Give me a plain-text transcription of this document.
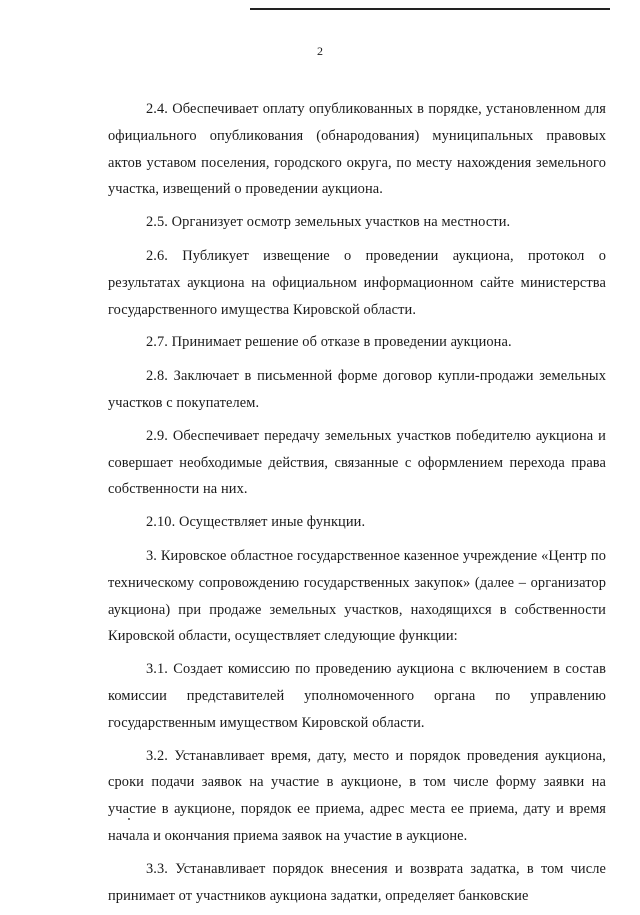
2

2.4. Обеспечивает оплату опубликованных в порядке, установленном для официального опубликования (обнародования) муниципальных правовых актов уставом поселения, городского округа, по месту нахождения земельного участка, извещений о проведении аукциона.

2.5. Организует осмотр земельных участков на местности.

2.6. Публикует извещение о проведении аукциона, протокол о результатах аукциона на официальном информационном сайте министерства государственного имущества Кировской области.

2.7. Принимает решение об отказе в проведении аукциона.

2.8. Заключает в письменной форме договор купли-продажи земельных участков с покупателем.

2.9. Обеспечивает передачу земельных участков победителю аукциона и совершает необходимые действия, связанные с оформлением перехода права собственности на них.

2.10. Осуществляет иные функции.

3. Кировское областное государственное казенное учреждение «Центр по техническому сопровождению государственных закупок» (далее – организатор аукциона) при продаже земельных участков, находящихся в собственности Кировской области, осуществляет следующие функции:

3.1. Создает комиссию по проведению аукциона с включением в состав комиссии представителей уполномоченного органа по управлению государственным имуществом Кировской области.

3.2. Устанавливает время, дату, место и порядок проведения аукциона, сроки подачи заявок на участие в аукционе, в том числе форму заявки на участие в аукционе, порядок ее приема, адрес места ее приема, дату и время начала и окончания приема заявок на участие в аукционе.

3.3. Устанавливает порядок внесения и возврата задатка, в том числе принимает от участников аукциона задатки, определяет банковские
